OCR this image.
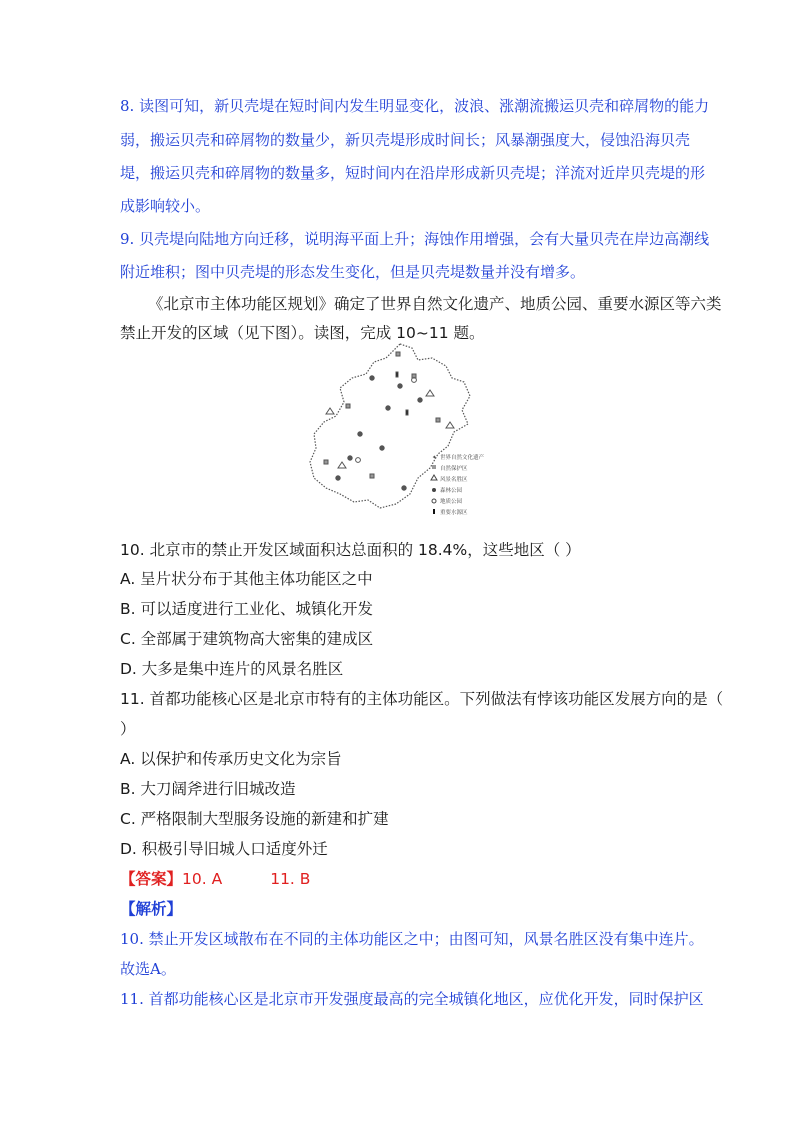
8. 读图可知，新贝壳堤在短时间内发生明显变化，波浪、涨潮流搬运贝壳和碎屑物的能力
弱，搬运贝壳和碎屑物的数量少，新贝壳堤形成时间长；风暴潮强度大，侵蚀沿海贝壳
堤，搬运贝壳和碎屑物的数量多，短时间内在沿岸形成新贝壳堤；洋流对近岸贝壳堤的形
成影响较小。
9. 贝壳堤向陆地方向迁移，说明海平面上升；海蚀作用增强，会有大量贝壳在岸边高潮线
附近堆积；图中贝壳堤的形态发生变化，但是贝壳堤数量并没有增多。
《北京市主体功能区规划》确定了世界自然文化遗产、地质公园、重要水源区等六类
禁止开发的区域（见下图）。读图，完成 10~11 题。
世界自然文化遗产
自然保护区
风景名胜区
森林公园
地质公园
重要水源区
✦
10. 北京市的禁止开发区域面积达总面积的 18.4%，这些地区（ ）
A. 呈片状分布于其他主体功能区之中
B. 可以适度进行工业化、城镇化开发
C. 全部属于建筑物高大密集的建成区
D. 大多是集中连片的风景名胜区
11. 首都功能核心区是北京市特有的主体功能区。下列做法有悖该功能区发展方向的是（
）
A. 以保护和传承历史文化为宗旨
B. 大刀阔斧进行旧城改造
C. 严格限制大型服务设施的新建和扩建
D. 积极引导旧城人口适度外迁
【答案】10. A	11. B
【解析】
10. 禁止开发区域散布在不同的主体功能区之中；由图可知，风景名胜区没有集中连片。
故选A。
11. 首都功能核心区是北京市开发强度最高的完全城镇化地区，应优化开发，同时保护区
